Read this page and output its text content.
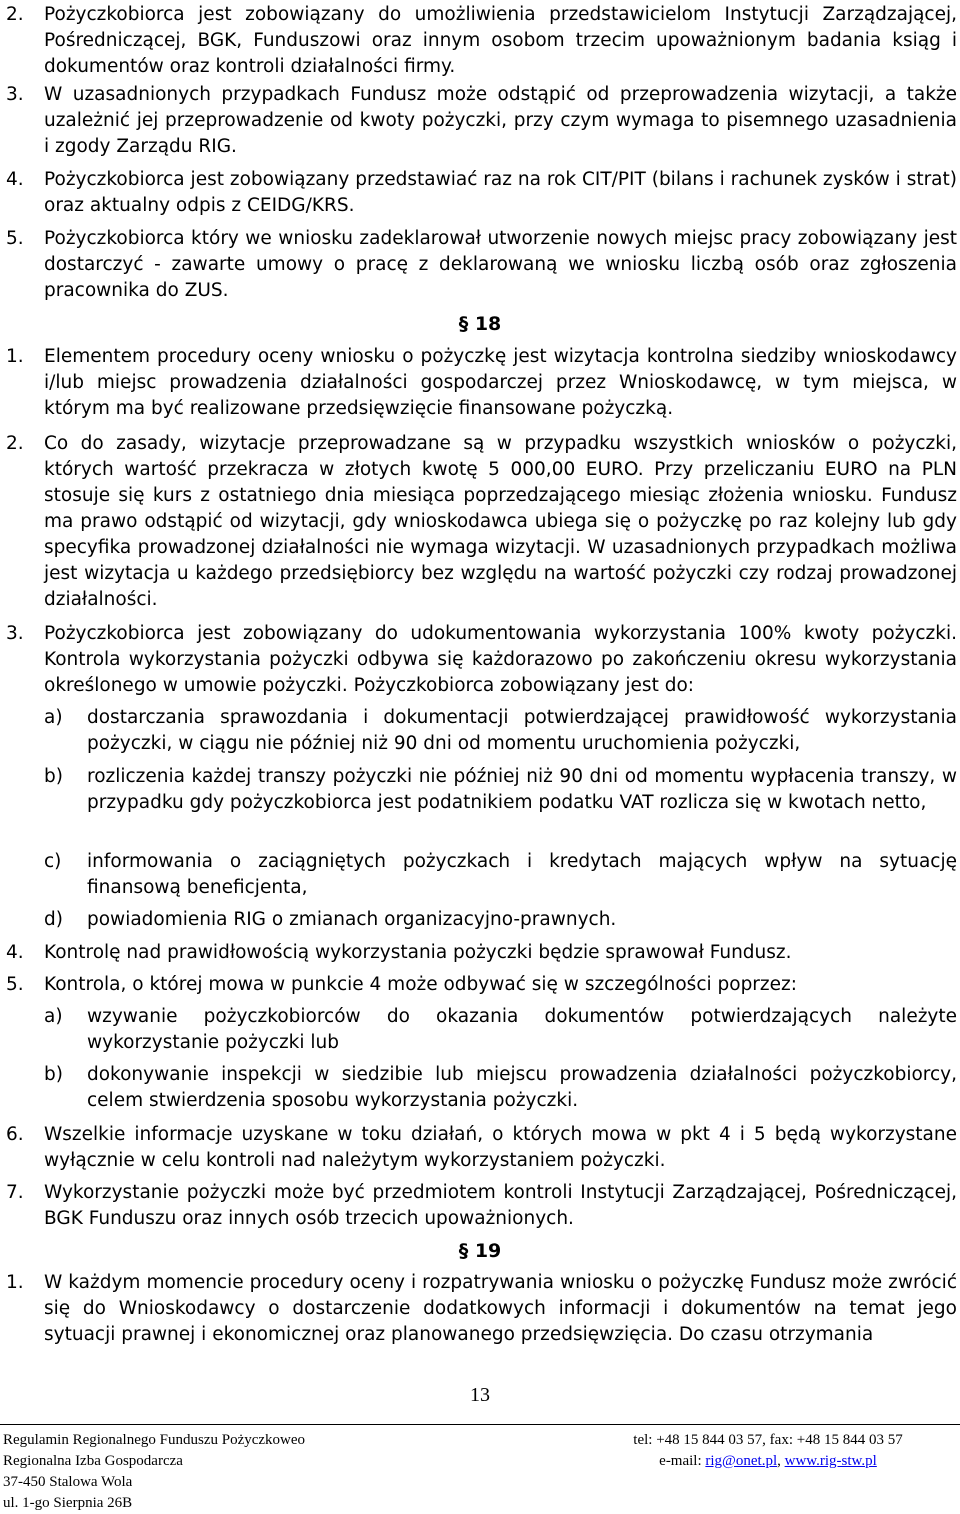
2. Pożyczkobiorca jest zobowiązany do umożliwienia przedstawicielom Instytucji Zarządzającej, Pośredniczącej, BGK, Funduszowi oraz innym osobom trzecim upoważnionym badania ksiąg i dokumentów oraz kontroli działalności firmy.
3. W uzasadnionych przypadkach Fundusz może odstąpić od przeprowadzenia wizytacji, a także uzależnić jej przeprowadzenie od kwoty pożyczki, przy czym wymaga to pisemnego uzasadnienia i zgody Zarządu RIG.
4. Pożyczkobiorca jest zobowiązany przedstawiać raz na rok CIT/PIT (bilans i rachunek zysków i strat) oraz aktualny odpis z CEIDG/KRS.
5. Pożyczkobiorca który we wniosku zadeklarował utworzenie nowych miejsc pracy zobowiązany jest dostarczyć - zawarte umowy o pracę z deklarowaną we wniosku liczbą osób oraz zgłoszenia pracownika do ZUS.
§ 18
1. Elementem procedury oceny wniosku o pożyczkę jest wizytacja kontrolna siedziby wnioskodawcy i/lub miejsc prowadzenia działalności gospodarczej przez Wnioskodawcę, w tym miejsca, w którym ma być realizowane przedsięwzięcie finansowane pożyczką.
2. Co do zasady, wizytacje przeprowadzane są w przypadku wszystkich wniosków o pożyczki, których wartość przekracza w złotych kwotę 5 000,00 EURO. Przy przeliczaniu EURO na PLN stosuje się kurs z ostatniego dnia miesiąca poprzedzającego miesiąc złożenia wniosku. Fundusz ma prawo odstąpić od wizytacji, gdy wnioskodawca ubiega się o pożyczkę po raz kolejny lub gdy specyfika prowadzonej działalności nie wymaga wizytacji. W uzasadnionych przypadkach możliwa jest wizytacja u każdego przedsiębiorcy bez względu na wartość pożyczki czy rodzaj prowadzonej działalności.
3. Pożyczkobiorca jest zobowiązany do udokumentowania wykorzystania 100% kwoty pożyczki. Kontrola wykorzystania pożyczki odbywa się każdorazowo po zakończeniu okresu wykorzystania określonego w umowie pożyczki. Pożyczkobiorca zobowiązany jest do:
a) dostarczania sprawozdania i dokumentacji potwierdzającej prawidłowość wykorzystania pożyczki, w ciągu nie później niż 90 dni od momentu uruchomienia pożyczki,
b) rozliczenia każdej transzy pożyczki nie później niż 90 dni od momentu wypłacenia transzy, w przypadku gdy pożyczkobiorca jest podatnikiem podatku VAT rozlicza się w kwotach netto,
c) informowania o zaciągniętych pożyczkach i kredytach mających wpływ na sytuację finansową beneficjenta,
d) powiadomienia RIG o zmianach organizacyjno-prawnych.
4. Kontrolę nad prawidłowością wykorzystania pożyczki będzie sprawował Fundusz.
5. Kontrola, o której mowa w punkcie 4 może odbywać się w szczególności poprzez:
a) wzywanie pożyczkobiorców do okazania dokumentów potwierdzających należyte wykorzystanie pożyczki lub
b) dokonywanie inspekcji w siedzibie lub miejscu prowadzenia działalności pożyczkobiorcy, celem stwierdzenia sposobu wykorzystania pożyczki.
6. Wszelkie informacje uzyskane w toku działań, o których mowa w pkt 4 i 5 będą wykorzystane wyłącznie w celu kontroli nad należytym wykorzystaniem pożyczki.
7. Wykorzystanie pożyczki może być przedmiotem kontroli Instytucji Zarządzającej, Pośredniczącej, BGK Funduszu oraz innych osób trzecich upoważnionych.
§ 19
1. W każdym momencie procedury oceny i rozpatrywania wniosku o pożyczkę Fundusz może zwrócić się do Wnioskodawcy o dostarczenie dodatkowych informacji i dokumentów na temat jego sytuacji prawnej i ekonomicznej oraz planowanego przedsięwzięcia. Do czasu otrzymania
13
Regulamin Regionalnego Funduszu Pożyczkoweo
Regionalna Izba Gospodarcza
37-450 Stalowa Wola
ul. 1-go Sierpnia 26B
tel: +48 15 844 03 57, fax: +48 15 844 03 57
e-mail: rig@onet.pl, www.rig-stw.pl
